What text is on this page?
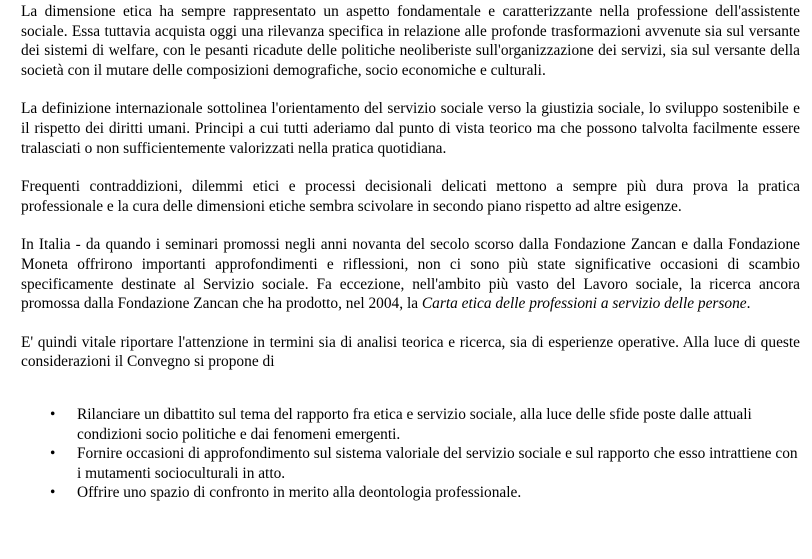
La dimensione etica ha sempre rappresentato un aspetto fondamentale e caratterizzante nella professione dell'assistente sociale. Essa tuttavia acquista oggi una rilevanza specifica in relazione alle profonde trasformazioni avvenute sia sul versante dei sistemi di welfare, con le pesanti ricadute delle politiche neoliberiste sull'organizzazione dei servizi, sia sul versante della società con il mutare delle composizioni demografiche, socio economiche e culturali.

La definizione internazionale sottolinea l'orientamento del servizio sociale verso la giustizia sociale, lo sviluppo sostenibile e il rispetto dei diritti umani. Principi a cui tutti aderiamo dal punto di vista teorico ma che possono talvolta facilmente essere tralasciati o non sufficientemente valorizzati nella pratica quotidiana.

Frequenti contraddizioni, dilemmi etici e processi decisionali delicati mettono a sempre più dura prova la pratica professionale e la cura delle dimensioni etiche sembra scivolare in secondo piano rispetto ad altre esigenze.

In Italia - da quando i seminari promossi negli anni novanta del secolo scorso dalla Fondazione Zancan e dalla Fondazione Moneta offrirono importanti approfondimenti e riflessioni, non ci sono più state significative occasioni di scambio specificamente destinate al Servizio sociale. Fa eccezione, nell'ambito più vasto del Lavoro sociale, la ricerca ancora promossa dalla Fondazione Zancan che ha prodotto, nel 2004, la Carta etica delle professioni a servizio delle persone.

E' quindi vitale riportare l'attenzione in termini sia di analisi teorica e ricerca, sia di esperienze operative. Alla luce di queste considerazioni il Convegno si propone di

• Rilanciare un dibattito sul tema del rapporto fra etica e servizio sociale, alla luce delle sfide poste dalle attuali condizioni socio politiche e dai fenomeni emergenti.
• Fornire occasioni di approfondimento sul sistema valoriale del servizio sociale e sul rapporto che esso intrattiene con i mutamenti socioculturali in atto.
• Offrire uno spazio di confronto in merito alla deontologia professionale.
